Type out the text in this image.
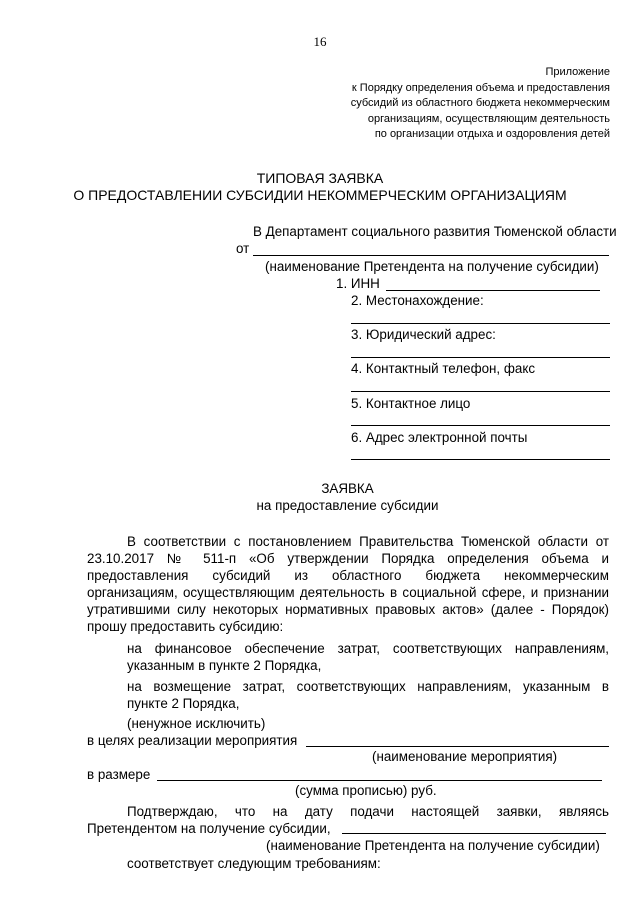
16
Приложение
к Порядку определения объема и предоставления
субсидий из областного бюджета некоммерческим
организациям, осуществляющим деятельность
по организации отдыха и оздоровления детей
ТИПОВАЯ ЗАЯВКА
О ПРЕДОСТАВЛЕНИИ СУБСИДИИ НЕКОММЕРЧЕСКИМ ОРГАНИЗАЦИЯМ
В Департамент социального развития Тюменской области
от
(наименование Претендента на получение субсидии)
1. ИНН
2. Местонахождение:
3. Юридический адрес:
4. Контактный телефон, факс
5. Контактное лицо
6. Адрес электронной почты
ЗАЯВКА
на предоставление субсидии
В соответствии с постановлением Правительства Тюменской области от
23.10.2017 № 511-п «Об утверждении Порядка определения объема и
предоставления субсидий из областного бюджета некоммерческим
организациям, осуществляющим деятельность в социальной сфере, и признании
утратившими силу некоторых нормативных правовых актов» (далее - Порядок)
прошу предоставить субсидию:
на финансовое обеспечение затрат, соответствующих направлениям,
указанным в пункте 2 Порядка,
на возмещение затрат, соответствующих направлениям, указанным в
пункте 2 Порядка,
(ненужное исключить)
в целях реализации мероприятия
(наименование мероприятия)
в размере
(сумма прописью) руб.
Подтверждаю, что на дату подачи настоящей заявки, являясь
Претендентом на получение субсидии,
(наименование Претендента на получение субсидии)
соответствует следующим требованиям:
